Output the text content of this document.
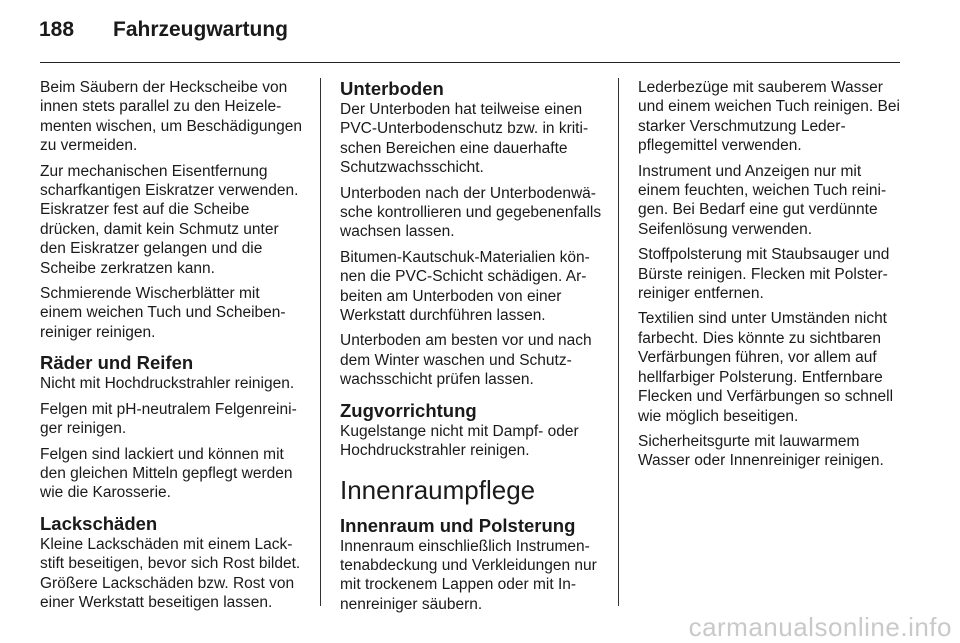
188	Fahrzeugwartung

Beim Säubern der Heckscheibe von innen stets parallel zu den Heizelementen wischen, um Beschädigungen zu vermeiden.

Zur mechanischen Eisentfernung scharfkantigen Eiskratzer verwenden. Eiskratzer fest auf die Scheibe drücken, damit kein Schmutz unter den Eiskratzer gelangen und die Scheibe zerkratzen kann.

Schmierende Wischerblätter mit einem weichen Tuch und Scheibenreiniger reinigen.

Räder und Reifen

Nicht mit Hochdruckstrahler reinigen.

Felgen mit pH-neutralem Felgenreiniger reinigen.

Felgen sind lackiert und können mit den gleichen Mitteln gepflegt werden wie die Karosserie.

Lackschäden

Kleine Lackschäden mit einem Lackstift beseitigen, bevor sich Rost bildet. Größere Lackschäden bzw. Rost von einer Werkstatt beseitigen lassen.

Unterboden

Der Unterboden hat teilweise einen PVC-Unterbodenschutz bzw. in kritischen Bereichen eine dauerhafte Schutzwachsschicht.

Unterboden nach der Unterbodenwäsche kontrollieren und gegebenenfalls wachsen lassen.

Bitumen-Kautschuk-Materialien können die PVC-Schicht schädigen. Arbeiten am Unterboden von einer Werkstatt durchführen lassen.

Unterboden am besten vor und nach dem Winter waschen und Schutzwachsschicht prüfen lassen.

Zugvorrichtung

Kugelstange nicht mit Dampf- oder Hochdruckstrahler reinigen.

Innenraumpflege
Innenraum und Polsterung

Innenraum einschließlich Instrumentenabdeckung und Verkleidungen nur mit trockenem Lappen oder mit Innenreiniger säubern.

Lederbezüge mit sauberem Wasser und einem weichen Tuch reinigen. Bei starker Verschmutzung Lederpflegemittel verwenden.

Instrument und Anzeigen nur mit einem feuchten, weichen Tuch reinigen. Bei Bedarf eine gut verdünnte Seifenlösung verwenden.

Stoffpolsterung mit Staubsauger und Bürste reinigen. Flecken mit Polsterreiniger entfernen.

Textilien sind unter Umständen nicht farbecht. Dies könnte zu sichtbaren Verfärbungen führen, vor allem auf hellfarbiger Polsterung. Entfernbare Flecken und Verfärbungen so schnell wie möglich beseitigen.

Sicherheitsgurte mit lauwarmem Wasser oder Innenreiniger reinigen.

carmanualsonline.info
